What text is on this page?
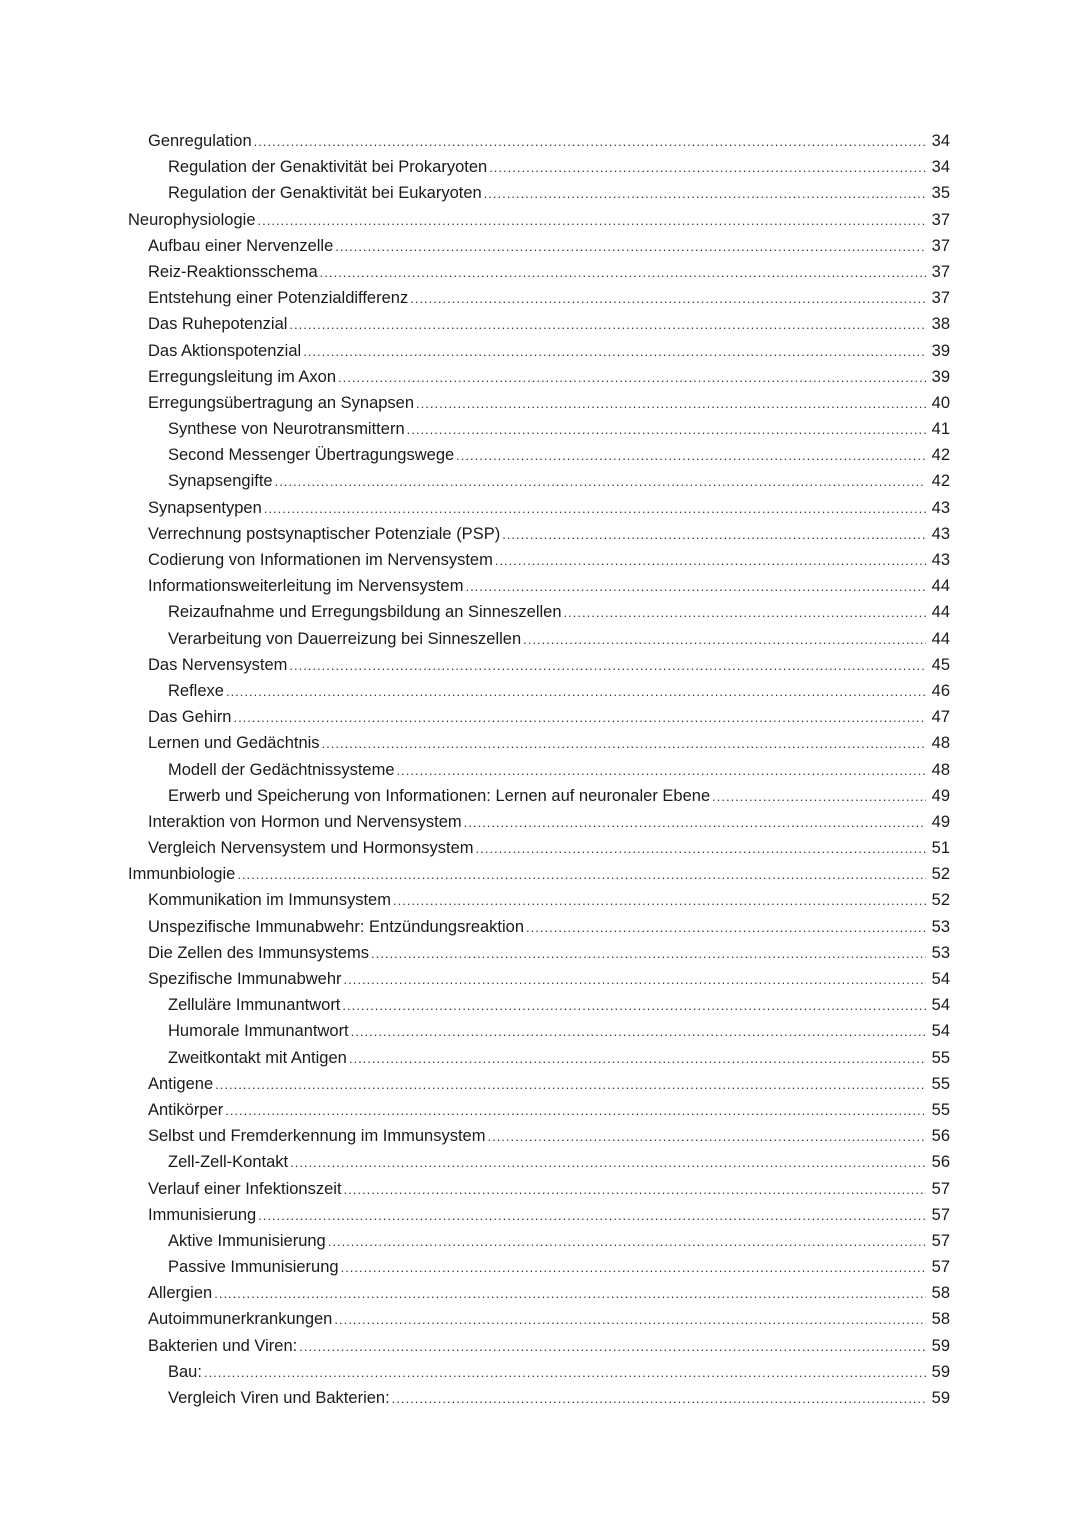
Genregulation .....	34
Regulation der Genaktivität bei Prokaryoten .....	34
Regulation der Genaktivität bei Eukaryoten .....	35
Neurophysiologie .....	37
Aufbau einer Nervenzelle .....	37
Reiz-Reaktionsschema .....	37
Entstehung einer Potenzialdifferenz .....	37
Das Ruhepotenzial .....	38
Das Aktionspotenzial .....	39
Erregungsleitung im Axon .....	39
Erregungsübertragung an Synapsen .....	40
Synthese von Neurotransmittern .....	41
Second Messenger Übertragungswege .....	42
Synapsengifte .....	42
Synapsentypen .....	43
Verrechnung postsynaptischer Potenziale (PSP) .....	43
Codierung von Informationen im Nervensystem .....	43
Informationsweiterleitung im Nervensystem .....	44
Reizaufnahme und Erregungsbildung an Sinneszellen .....	44
Verarbeitung von Dauerreizung bei Sinneszellen .....	44
Das Nervensystem .....	45
Reflexe .....	46
Das Gehirn .....	47
Lernen und Gedächtnis .....	48
Modell der Gedächtnissysteme .....	48
Erwerb und Speicherung von Informationen: Lernen auf neuronaler Ebene .....	49
Interaktion von Hormon und Nervensystem .....	49
Vergleich Nervensystem und Hormonsystem .....	51
Immunbiologie .....	52
Kommunikation im Immunsystem .....	52
Unspezifische Immunabwehr: Entzündungsreaktion .....	53
Die Zellen des Immunsystems .....	53
Spezifische Immunabwehr .....	54
Zelluläre Immunantwort .....	54
Humorale Immunantwort .....	54
Zweitkontakt mit Antigen .....	55
Antigene .....	55
Antikörper .....	55
Selbst und Fremderkennung im Immunsystem .....	56
Zell-Zell-Kontakt .....	56
Verlauf einer Infektionszeit .....	57
Immunisierung .....	57
Aktive Immunisierung .....	57
Passive Immunisierung .....	57
Allergien .....	58
Autoimmunerkrankungen .....	58
Bakterien und Viren: .....	59
Bau: .....	59
Vergleich Viren und Bakterien: .....	59
